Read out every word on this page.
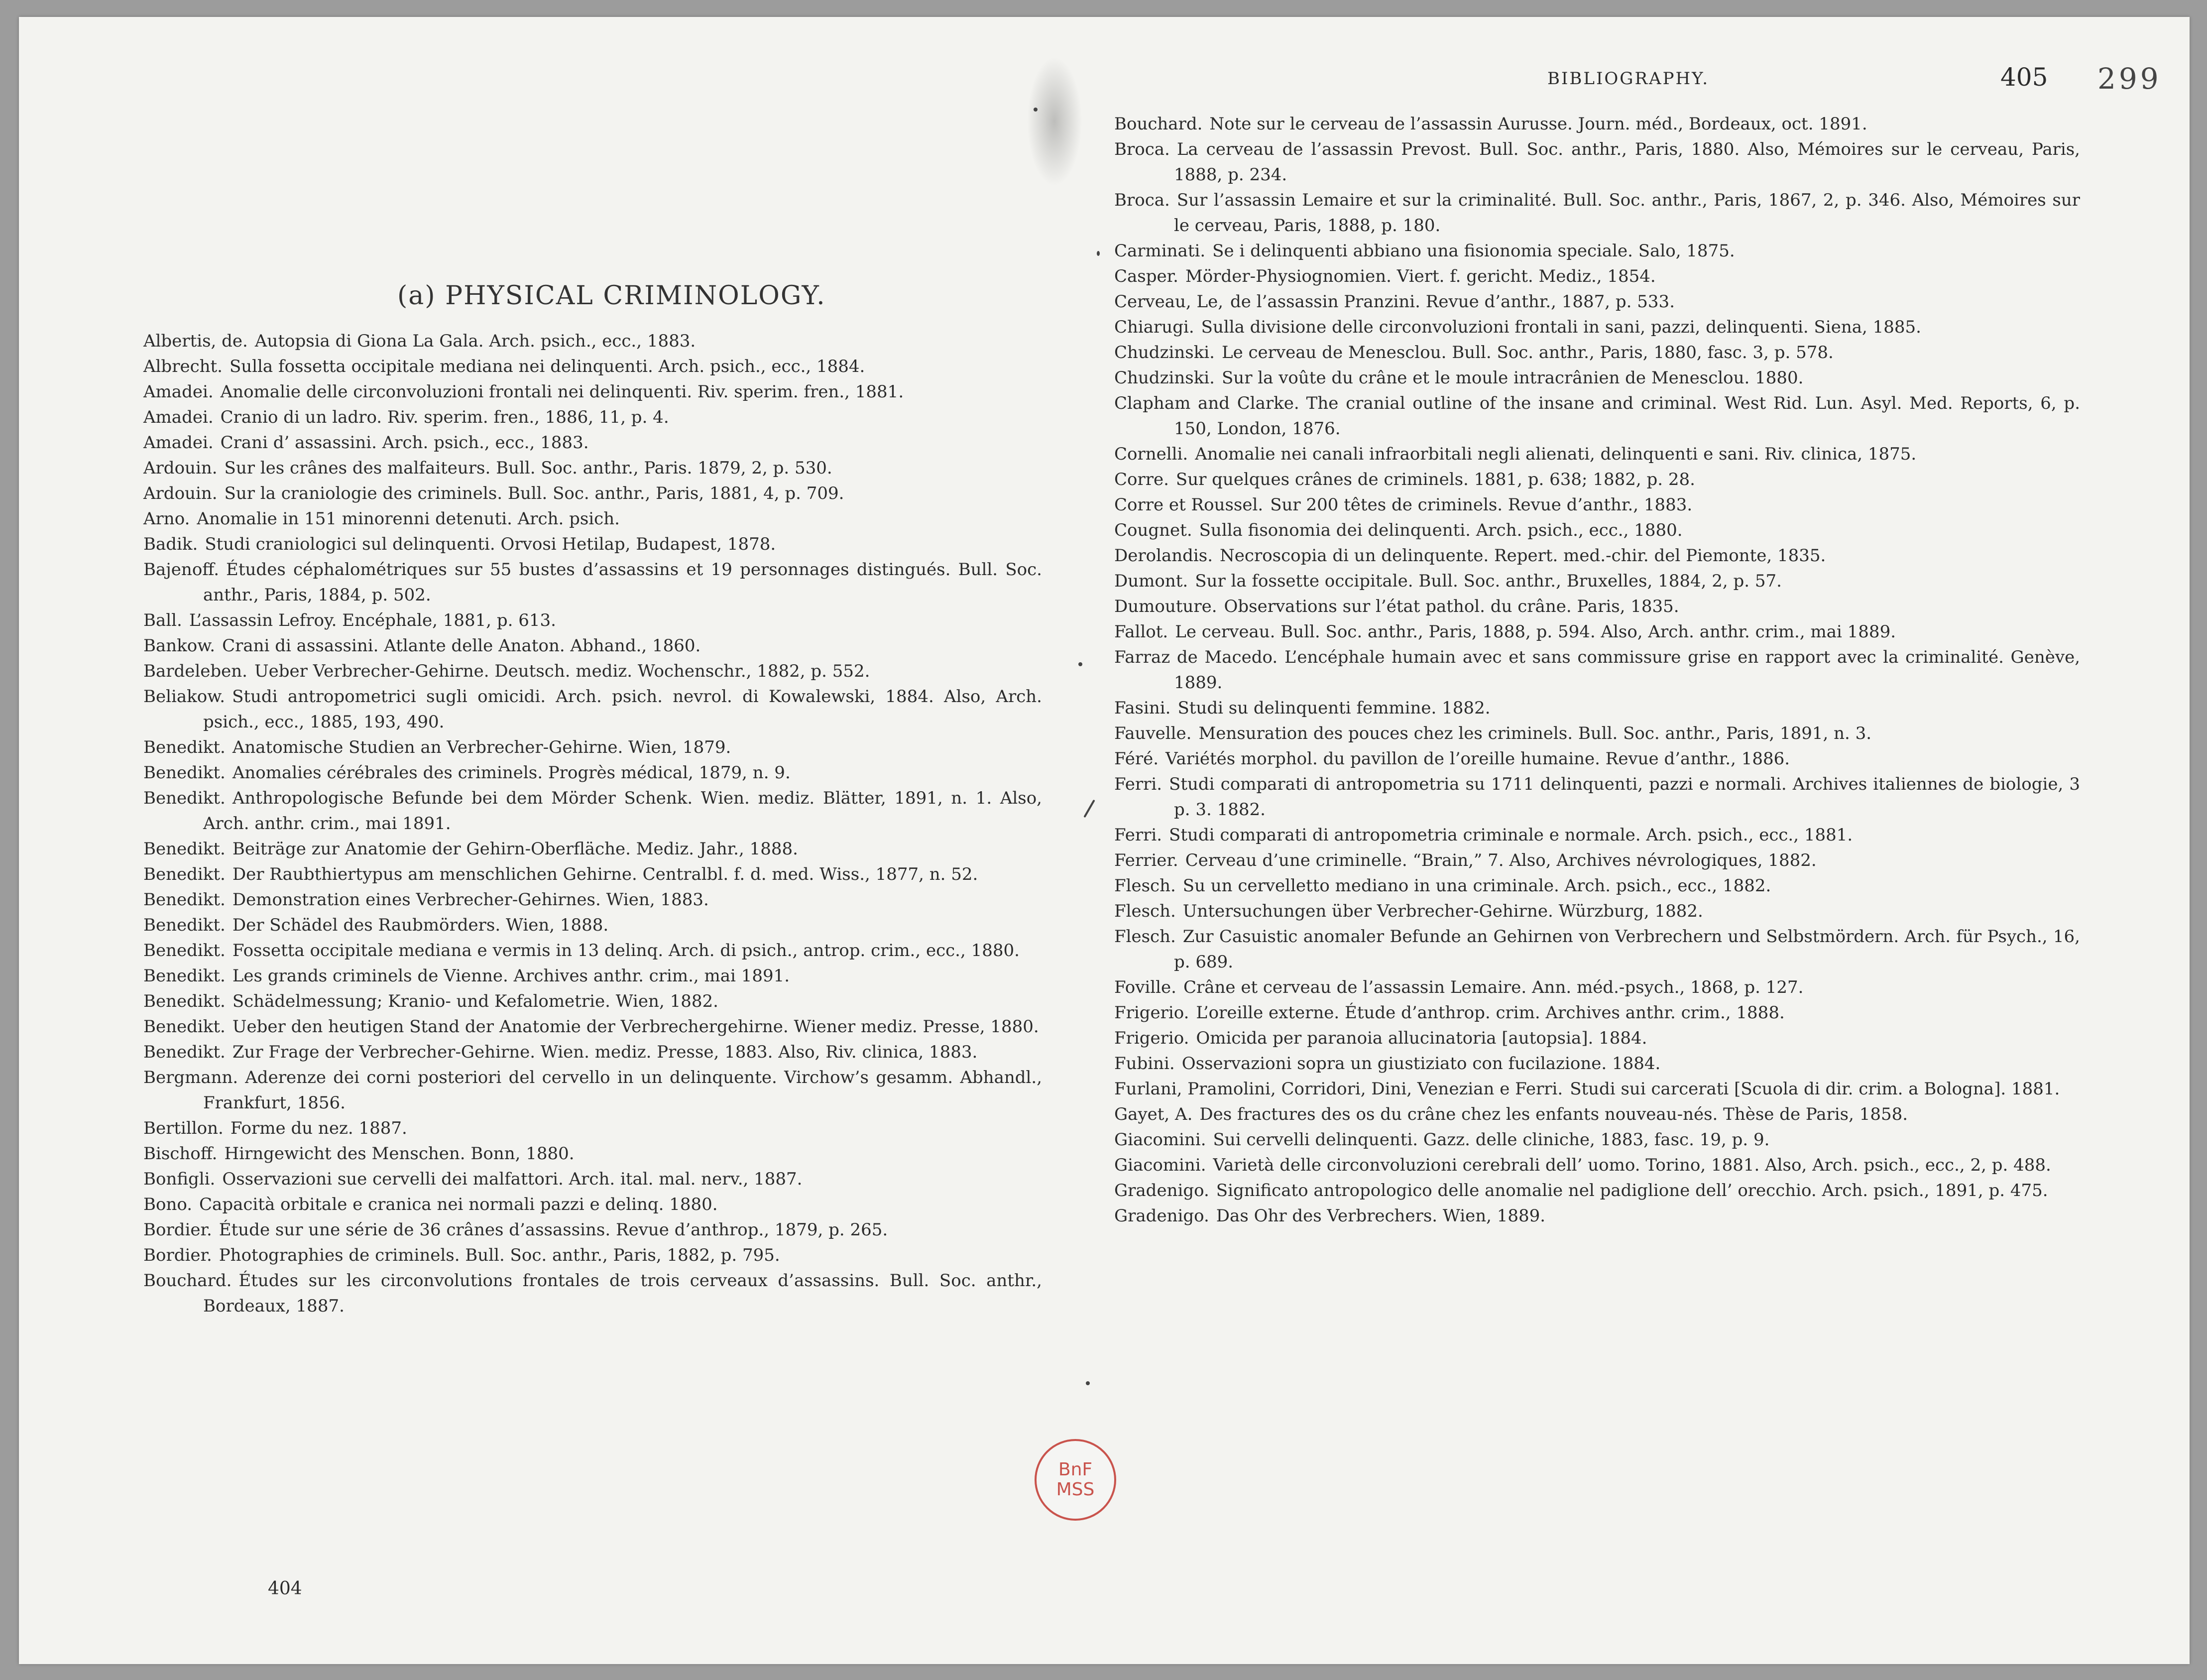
(a) PHYSICAL CRIMINOLOGY.
Albertis, de. Autopsia di Giona La Gala. Arch. psich., ecc., 1883.
Albrecht. Sulla fossetta occipitale mediana nei delinquenti. Arch. psich., ecc., 1884.
Amadei. Anomalie delle circonvoluzioni frontali nei delinquenti. Riv. sperim. fren., 1881.
Amadei. Cranio di un ladro. Riv. sperim. fren., 1886, 11, p. 4.
Amadei. Crani d’ assassini. Arch. psich., ecc., 1883.
Ardouin. Sur les crânes des malfaiteurs. Bull. Soc. anthr., Paris. 1879, 2, p. 530.
Ardouin. Sur la craniologie des criminels. Bull. Soc. anthr., Paris, 1881, 4, p. 709.
Arno. Anomalie in 151 minorenni detenuti. Arch. psich.
Badik. Studi craniologici sul delinquenti. Orvosi Hetilap, Budapest, 1878.
Bajenoff. Études céphalométriques sur 55 bustes d’assassins et 19 personnages distingués. Bull. Soc. anthr., Paris, 1884, p. 502.
Ball. L’assassin Lefroy. Encéphale, 1881, p. 613.
Bankow. Crani di assassini. Atlante delle Anaton. Abhand., 1860.
Bardeleben. Ueber Verbrecher-Gehirne. Deutsch. mediz. Wochenschr., 1882, p. 552.
Beliakow. Studi antropometrici sugli omicidi. Arch. psich. nevrol. di Kowalewski, 1884. Also, Arch. psich., ecc., 1885, 193, 490.
Benedikt. Anatomische Studien an Verbrecher-Gehirne. Wien, 1879.
Benedikt. Anomalies cérébrales des criminels. Progrès médical, 1879, n. 9.
Benedikt. Anthropologische Befunde bei dem Mörder Schenk. Wien. mediz. Blätter, 1891, n. 1. Also, Arch. anthr. crim., mai 1891.
Benedikt. Beiträge zur Anatomie der Gehirn-Oberfläche. Mediz. Jahr., 1888.
Benedikt. Der Raubthiertypus am menschlichen Gehirne. Centralbl. f. d. med. Wiss., 1877, n. 52.
Benedikt. Demonstration eines Verbrecher-Gehirnes. Wien, 1883.
Benedikt. Der Schädel des Raubmörders. Wien, 1888.
Benedikt. Fossetta occipitale mediana e vermis in 13 delinq. Arch. di psich., antrop. crim., ecc., 1880.
Benedikt. Les grands criminels de Vienne. Archives anthr. crim., mai 1891.
Benedikt. Schädelmessung; Kranio- und Kefalometrie. Wien, 1882.
Benedikt. Ueber den heutigen Stand der Anatomie der Verbrechergehirne. Wiener mediz. Presse, 1880.
Benedikt. Zur Frage der Verbrecher-Gehirne. Wien. mediz. Presse, 1883. Also, Riv. clinica, 1883.
Bergmann. Aderenze dei corni posteriori del cervello in un delinquente. Virchow’s gesamm. Abhandl., Frankfurt, 1856.
Bertillon. Forme du nez. 1887.
Bischoff. Hirngewicht des Menschen. Bonn, 1880.
Bonfigli. Osservazioni sue cervelli dei malfattori. Arch. ital. mal. nerv., 1887.
Bono. Capacità orbitale e cranica nei normali pazzi e delinq. 1880.
Bordier. Étude sur une série de 36 crânes d’assassins. Revue d’anthrop., 1879, p. 265.
Bordier. Photographies de criminels. Bull. Soc. anthr., Paris, 1882, p. 795.
Bouchard. Études sur les circonvolutions frontales de trois cerveaux d’assassins. Bull. Soc. anthr., Bordeaux, 1887.
404
BIBLIOGRAPHY.	405 299
Bouchard. Note sur le cerveau de l’assassin Aurusse. Journ. méd., Bordeaux, oct. 1891.
Broca. La cerveau de l’assassin Prevost. Bull. Soc. anthr., Paris, 1880. Also, Mémoires sur le cerveau, Paris, 1888, p. 234.
Broca. Sur l’assassin Lemaire et sur la criminalité. Bull. Soc. anthr., Paris, 1867, 2, p. 346. Also, Mémoires sur le cerveau, Paris, 1888, p. 180.
Carminati. Se i delinquenti abbiano una fisionomia speciale. Salo, 1875.
Casper. Mörder-Physiognomien. Viert. f. gericht. Mediz., 1854.
Cerveau, Le, de l’assassin Pranzini. Revue d’anthr., 1887, p. 533.
Chiarugi. Sulla divisione delle circonvoluzioni frontali in sani, pazzi, delinquenti. Siena, 1885.
Chudzinski. Le cerveau de Menesclou. Bull. Soc. anthr., Paris, 1880, fasc. 3, p. 578.
Chudzinski. Sur la voûte du crâne et le moule intracrânien de Menesclou. 1880.
Clapham and Clarke. The cranial outline of the insane and criminal. West Rid. Lun. Asyl. Med. Reports, 6, p. 150, London, 1876.
Cornelli. Anomalie nei canali infraorbitali negli alienati, delinquenti e sani. Riv. clinica, 1875.
Corre. Sur quelques crânes de criminels. 1881, p. 638; 1882, p. 28.
Corre et Roussel. Sur 200 têtes de criminels. Revue d’anthr., 1883.
Cougnet. Sulla fisonomia dei delinquenti. Arch. psich., ecc., 1880.
Derolandis. Necroscopia di un delinquente. Repert. med.-chir. del Piemonte, 1835.
Dumont. Sur la fossette occipitale. Bull. Soc. anthr., Bruxelles, 1884, 2, p. 57.
Dumouture. Observations sur l’état pathol. du crâne. Paris, 1835.
Fallot. Le cerveau. Bull. Soc. anthr., Paris, 1888, p. 594. Also, Arch. anthr. crim., mai 1889.
Farraz de Macedo. L’encéphale humain avec et sans commissure grise en rapport avec la criminalité. Genève, 1889.
Fasini. Studi su delinquenti femmine. 1882.
Fauvelle. Mensuration des pouces chez les criminels. Bull. Soc. anthr., Paris, 1891, n. 3.
Féré. Variétés morphol. du pavillon de l’oreille humaine. Revue d’anthr., 1886.
Ferri. Studi comparati di antropometria su 1711 delinquenti, pazzi e normali. Archives italiennes de biologie, 3 p. 3. 1882.
Ferri. Studi comparati di antropometria criminale e normale. Arch. psich., ecc., 1881.
Ferrier. Cerveau d’une criminelle. “Brain,” 7. Also, Archives névrologiques, 1882.
Flesch. Su un cervelletto mediano in una criminale. Arch. psich., ecc., 1882.
Flesch. Untersuchungen über Verbrecher-Gehirne. Würzburg, 1882.
Flesch. Zur Casuistic anomaler Befunde an Gehirnen von Verbrechern und Selbstmördern. Arch. für Psych., 16, p. 689.
Foville. Crâne et cerveau de l’assassin Lemaire. Ann. méd.-psych., 1868, p. 127.
Frigerio. L’oreille externe. Étude d’anthrop. crim. Archives anthr. crim., 1888.
Frigerio. Omicida per paranoia allucinatoria [autopsia]. 1884.
Fubini. Osservazioni sopra un giustiziato con fucilazione. 1884.
Furlani, Pramolini, Corridori, Dini, Venezian e Ferri. Studi sui carcerati [Scuola di dir. crim. a Bologna]. 1881.
Gayet, A. Des fractures des os du crâne chez les enfants nouveau-nés. Thèse de Paris, 1858.
Giacomini. Sui cervelli delinquenti. Gazz. delle cliniche, 1883, fasc. 19, p. 9.
Giacomini. Varietà delle circonvoluzioni cerebrali dell’ uomo. Torino, 1881. Also, Arch. psich., ecc., 2, p. 488.
Gradenigo. Significato antropologico delle anomalie nel padiglione dell’ orecchio. Arch. psich., 1891, p. 475.
Gradenigo. Das Ohr des Verbrechers. Wien, 1889.
BnF
MSS
